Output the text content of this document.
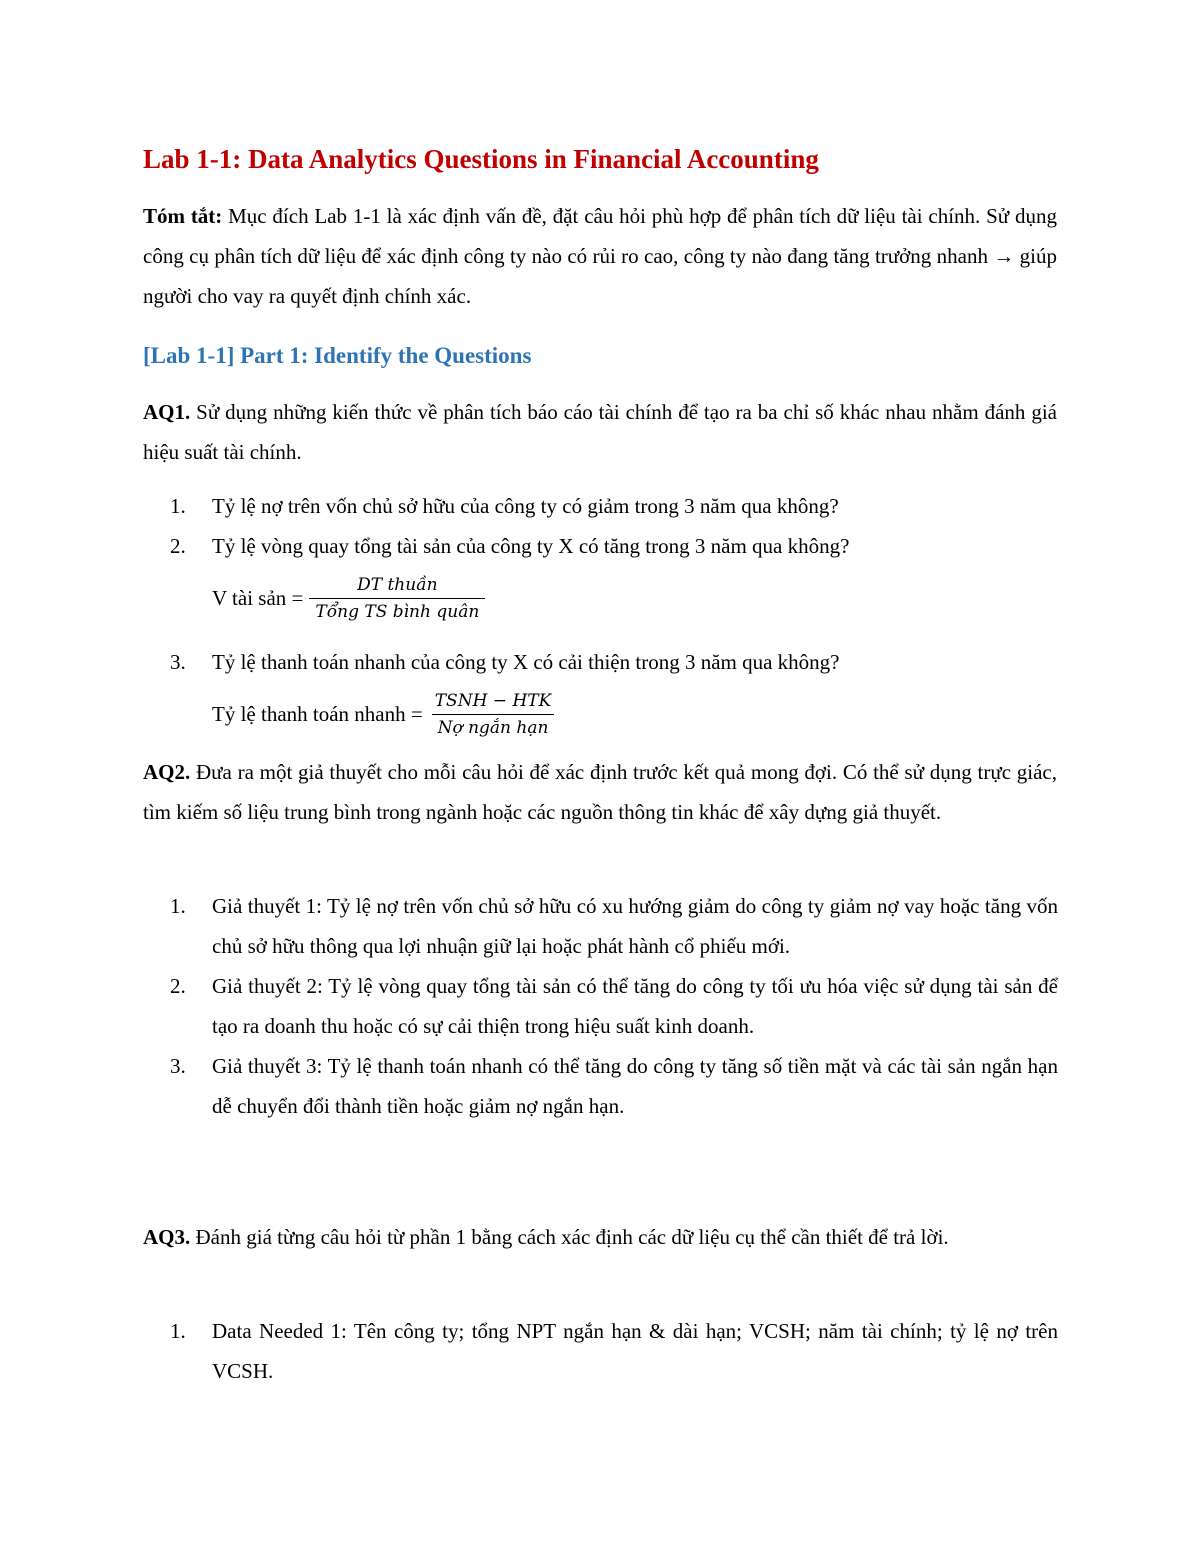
Lab 1-1: Data Analytics Questions in Financial Accounting
Tóm tắt: Mục đích Lab 1-1 là xác định vấn đề, đặt câu hỏi phù hợp để phân tích dữ liệu tài chính. Sử dụng công cụ phân tích dữ liệu để xác định công ty nào có rủi ro cao, công ty nào đang tăng trưởng nhanh → giúp người cho vay ra quyết định chính xác.
[Lab 1-1] Part 1: Identify the Questions
AQ1. Sử dụng những kiến thức về phân tích báo cáo tài chính để tạo ra ba chỉ số khác nhau nhằm đánh giá hiệu suất tài chính.
1.	Tỷ lệ nợ trên vốn chủ sở hữu của công ty có giảm trong 3 năm qua không?
2.	Tỷ lệ vòng quay tổng tài sản của công ty X có tăng trong 3 năm qua không?
V tài sản = $\frac{\text{DT thuần}}{\text{Tổng TS bình quân}}$
3.	Tỷ lệ thanh toán nhanh của công ty X có cải thiện trong 3 năm qua không?
Tỷ lệ thanh toán nhanh = $\frac{\text{TSNH − HTK}}{\text{Nợ ngắn hạn}}$
AQ2. Đưa ra một giả thuyết cho mỗi câu hỏi để xác định trước kết quả mong đợi. Có thể sử dụng trực giác, tìm kiếm số liệu trung bình trong ngành hoặc các nguồn thông tin khác để xây dựng giả thuyết.
1.	Giả thuyết 1: Tỷ lệ nợ trên vốn chủ sở hữu có xu hướng giảm do công ty giảm nợ vay hoặc tăng vốn chủ sở hữu thông qua lợi nhuận giữ lại hoặc phát hành cổ phiếu mới.
2.	Giả thuyết 2: Tỷ lệ vòng quay tổng tài sản có thể tăng do công ty tối ưu hóa việc sử dụng tài sản để tạo ra doanh thu hoặc có sự cải thiện trong hiệu suất kinh doanh.
3.	Giả thuyết 3: Tỷ lệ thanh toán nhanh có thể tăng do công ty tăng số tiền mặt và các tài sản ngắn hạn dễ chuyển đổi thành tiền hoặc giảm nợ ngắn hạn.
AQ3. Đánh giá từng câu hỏi từ phần 1 bằng cách xác định các dữ liệu cụ thể cần thiết để trả lời.
1.	Data Needed 1: Tên công ty; tổng NPT ngắn hạn & dài hạn; VCSH; năm tài chính; tỷ lệ nợ trên VCSH.
